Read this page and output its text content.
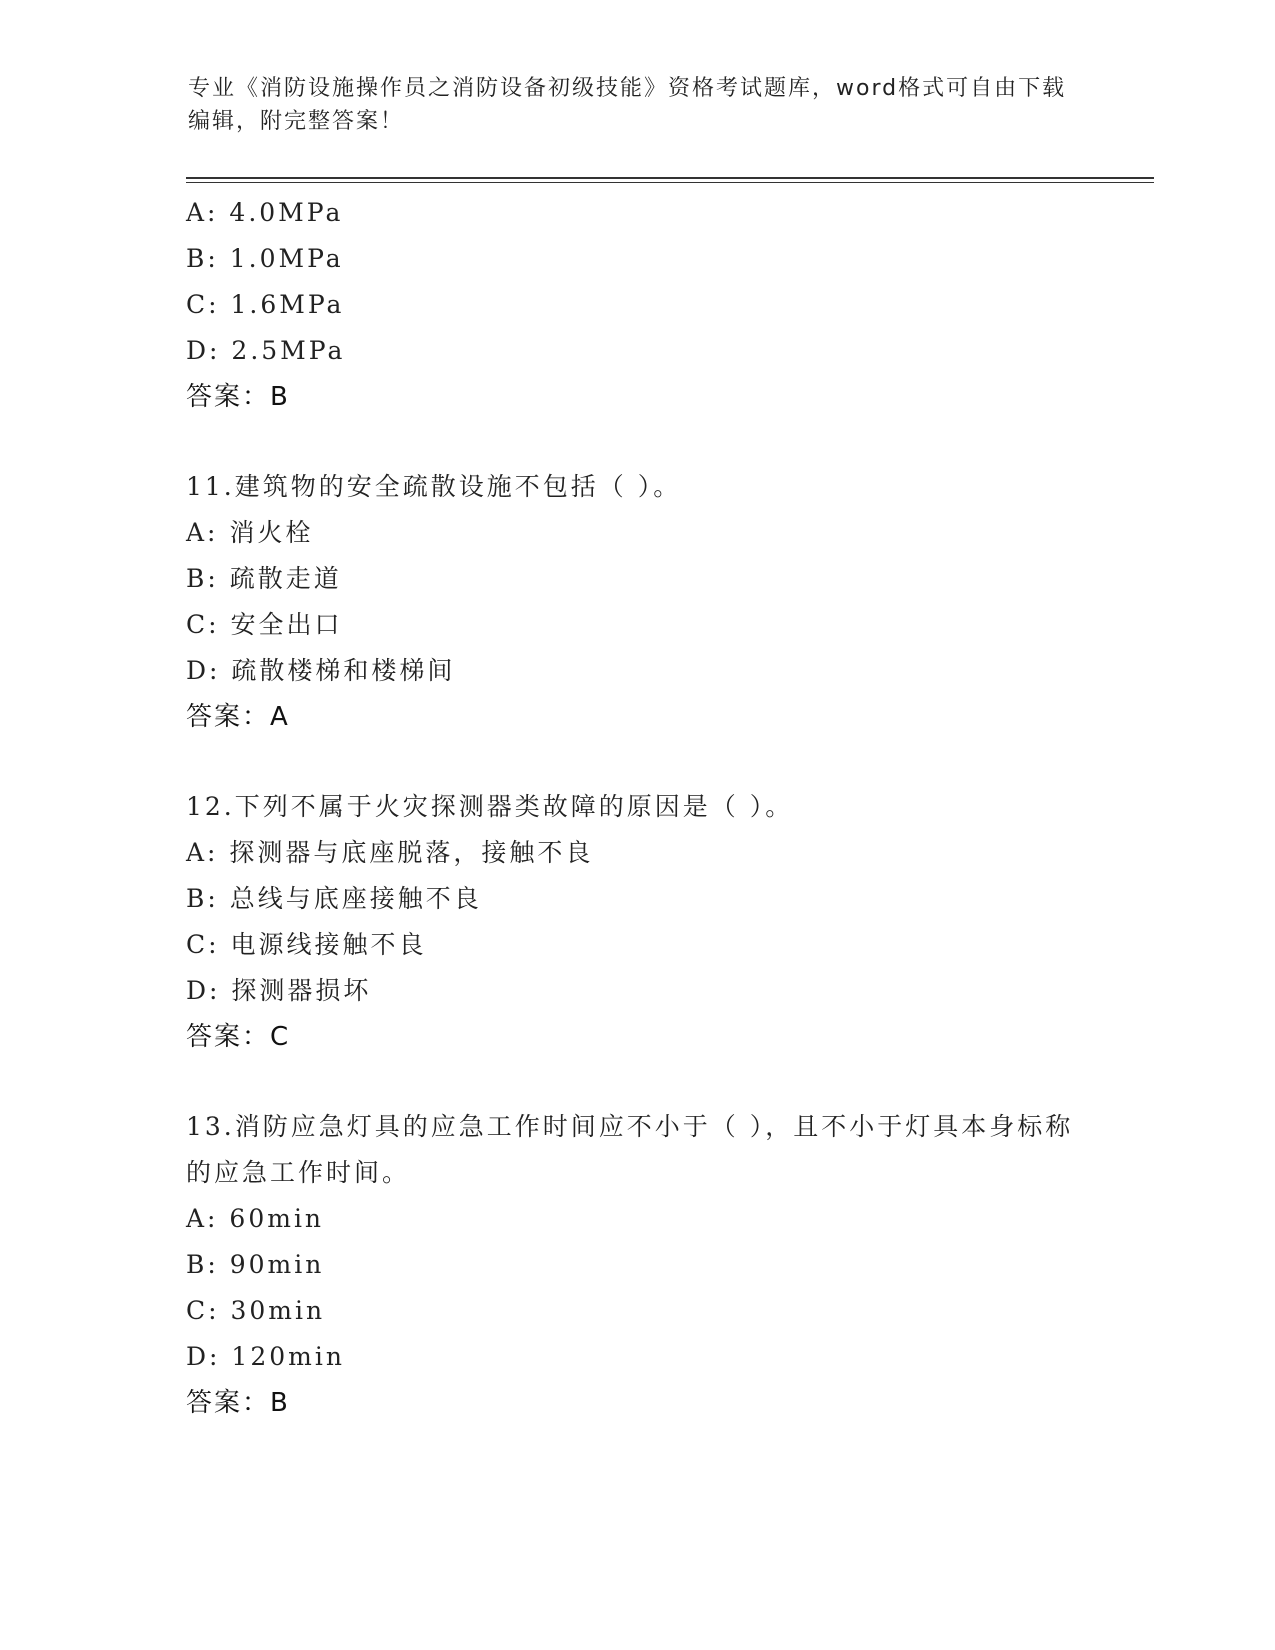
专业《消防设施操作员之消防设备初级技能》资格考试题库，word格式可自由下载编辑，附完整答案！
A: 4.0MPa
B: 1.0MPa
C: 1.6MPa
D: 2.5MPa
答案：B
11.建筑物的安全疏散设施不包括（ ）。
A: 消火栓
B: 疏散走道
C: 安全出口
D: 疏散楼梯和楼梯间
答案：A
12.下列不属于火灾探测器类故障的原因是（ ）。
A: 探测器与底座脱落，接触不良
B: 总线与底座接触不良
C: 电源线接触不良
D: 探测器损坏
答案：C
13.消防应急灯具的应急工作时间应不小于（ ），且不小于灯具本身标称的应急工作时间。
A: 60min
B: 90min
C: 30min
D: 120min
答案：B
